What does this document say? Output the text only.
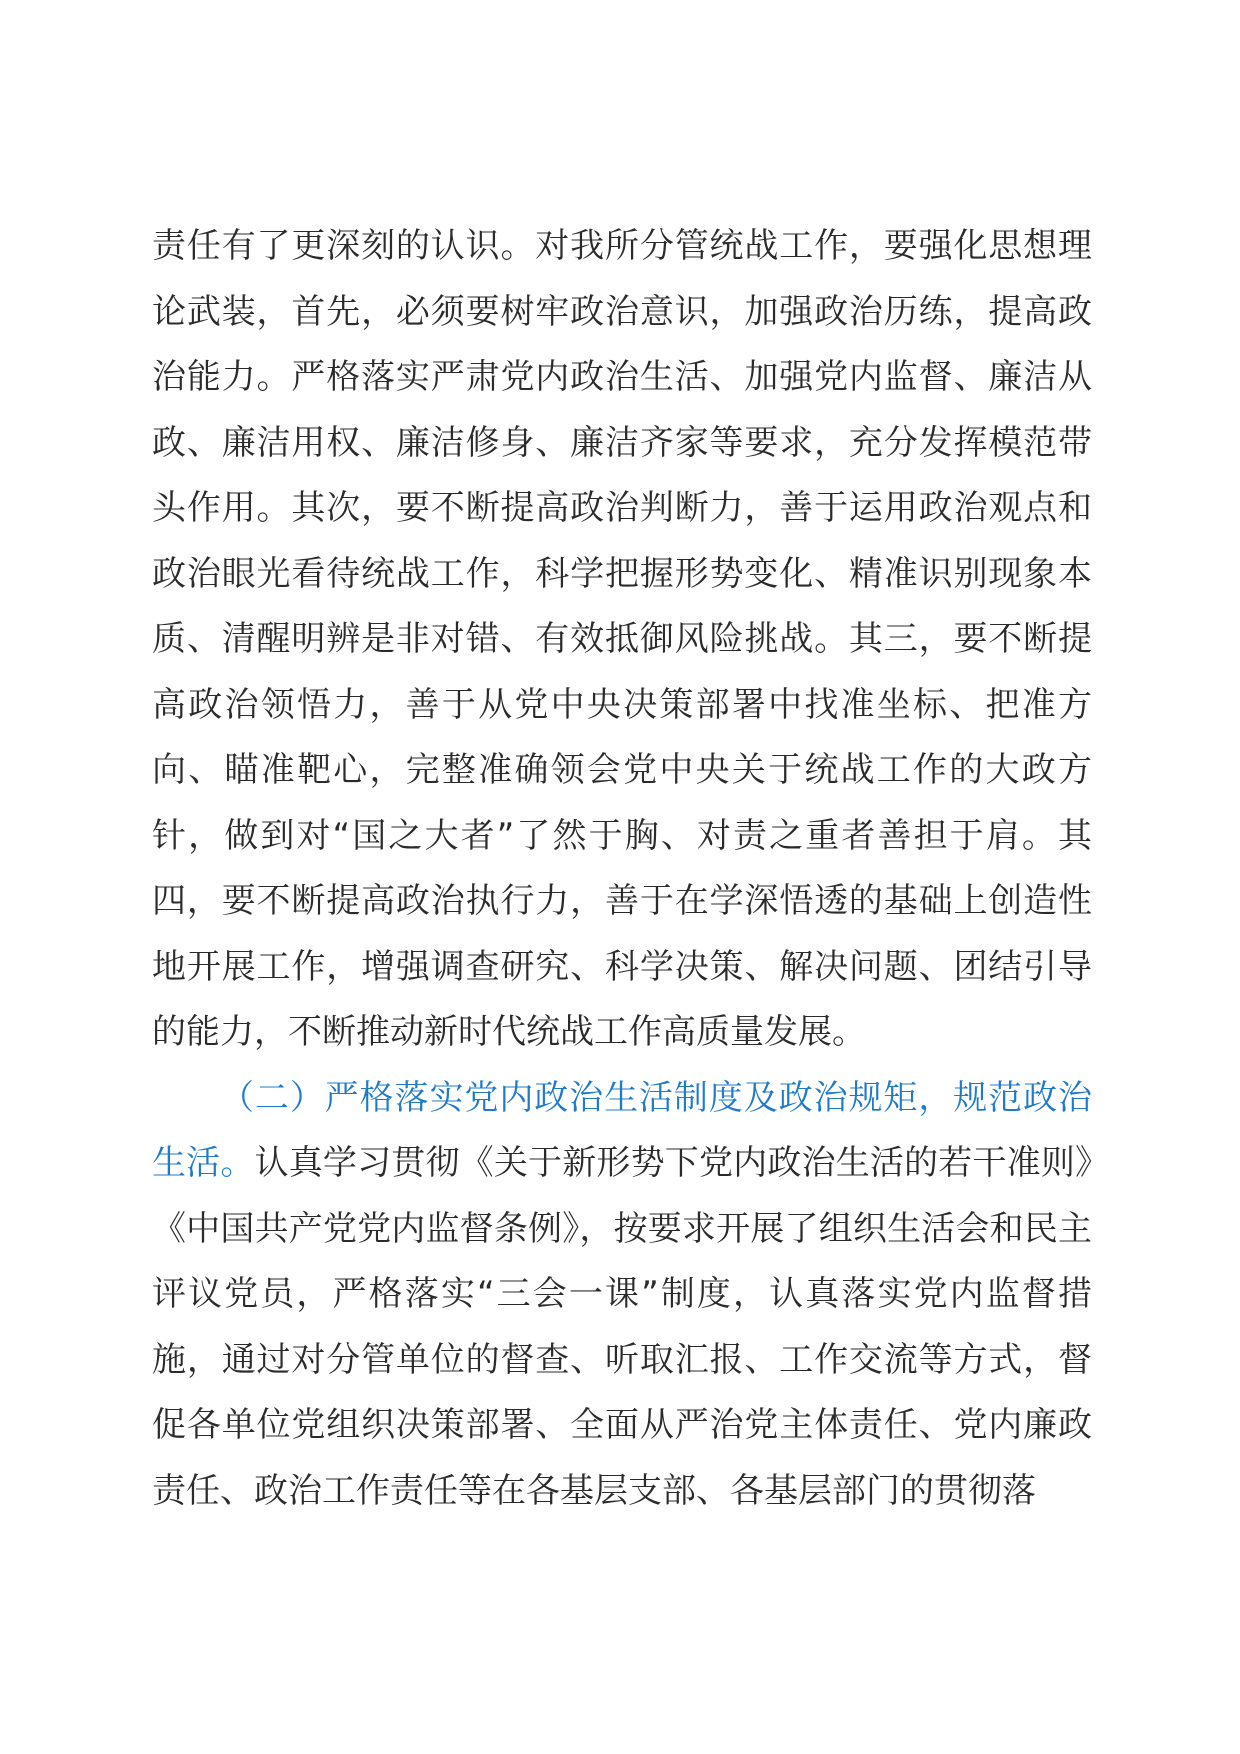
责任有了更深刻的认识。对我所分管统战工作，要强化思想理论武装，首先，必须要树牢政治意识，加强政治历练，提高政治能力。严格落实严肃党内政治生活、加强党内监督、廉洁从政、廉洁用权、廉洁修身、廉洁齐家等要求，充分发挥模范带头作用。其次，要不断提高政治判断力，善于运用政治观点和政治眼光看待统战工作，科学把握形势变化、精准识别现象本质、清醒明辨是非对错、有效抵御风险挑战。其三，要不断提高政治领悟力，善于从党中央决策部署中找准坐标、把准方向、瞄准靶心，完整准确领会党中央关于统战工作的大政方针，做到对“国之大者”了然于胸、对责之重者善担于肩。其四，要不断提高政治执行力，善于在学深悟透的基础上创造性地开展工作，增强调查研究、科学决策、解决问题、团结引导的能力，不断推动新时代统战工作高质量发展。

（二）严格落实党内政治生活制度及政治规矩，规范政治生活。认真学习贯彻《关于新形势下党内政治生活的若干准则》《中国共产党党内监督条例》，按要求开展了组织生活会和民主评议党员，严格落实“三会一课”制度，认真落实党内监督措施，通过对分管单位的督查、听取汇报、工作交流等方式，督促各单位党组织决策部署、全面从严治党主体责任、党内廉政责任、政治工作责任等在各基层支部、各基层部门的贯彻落
